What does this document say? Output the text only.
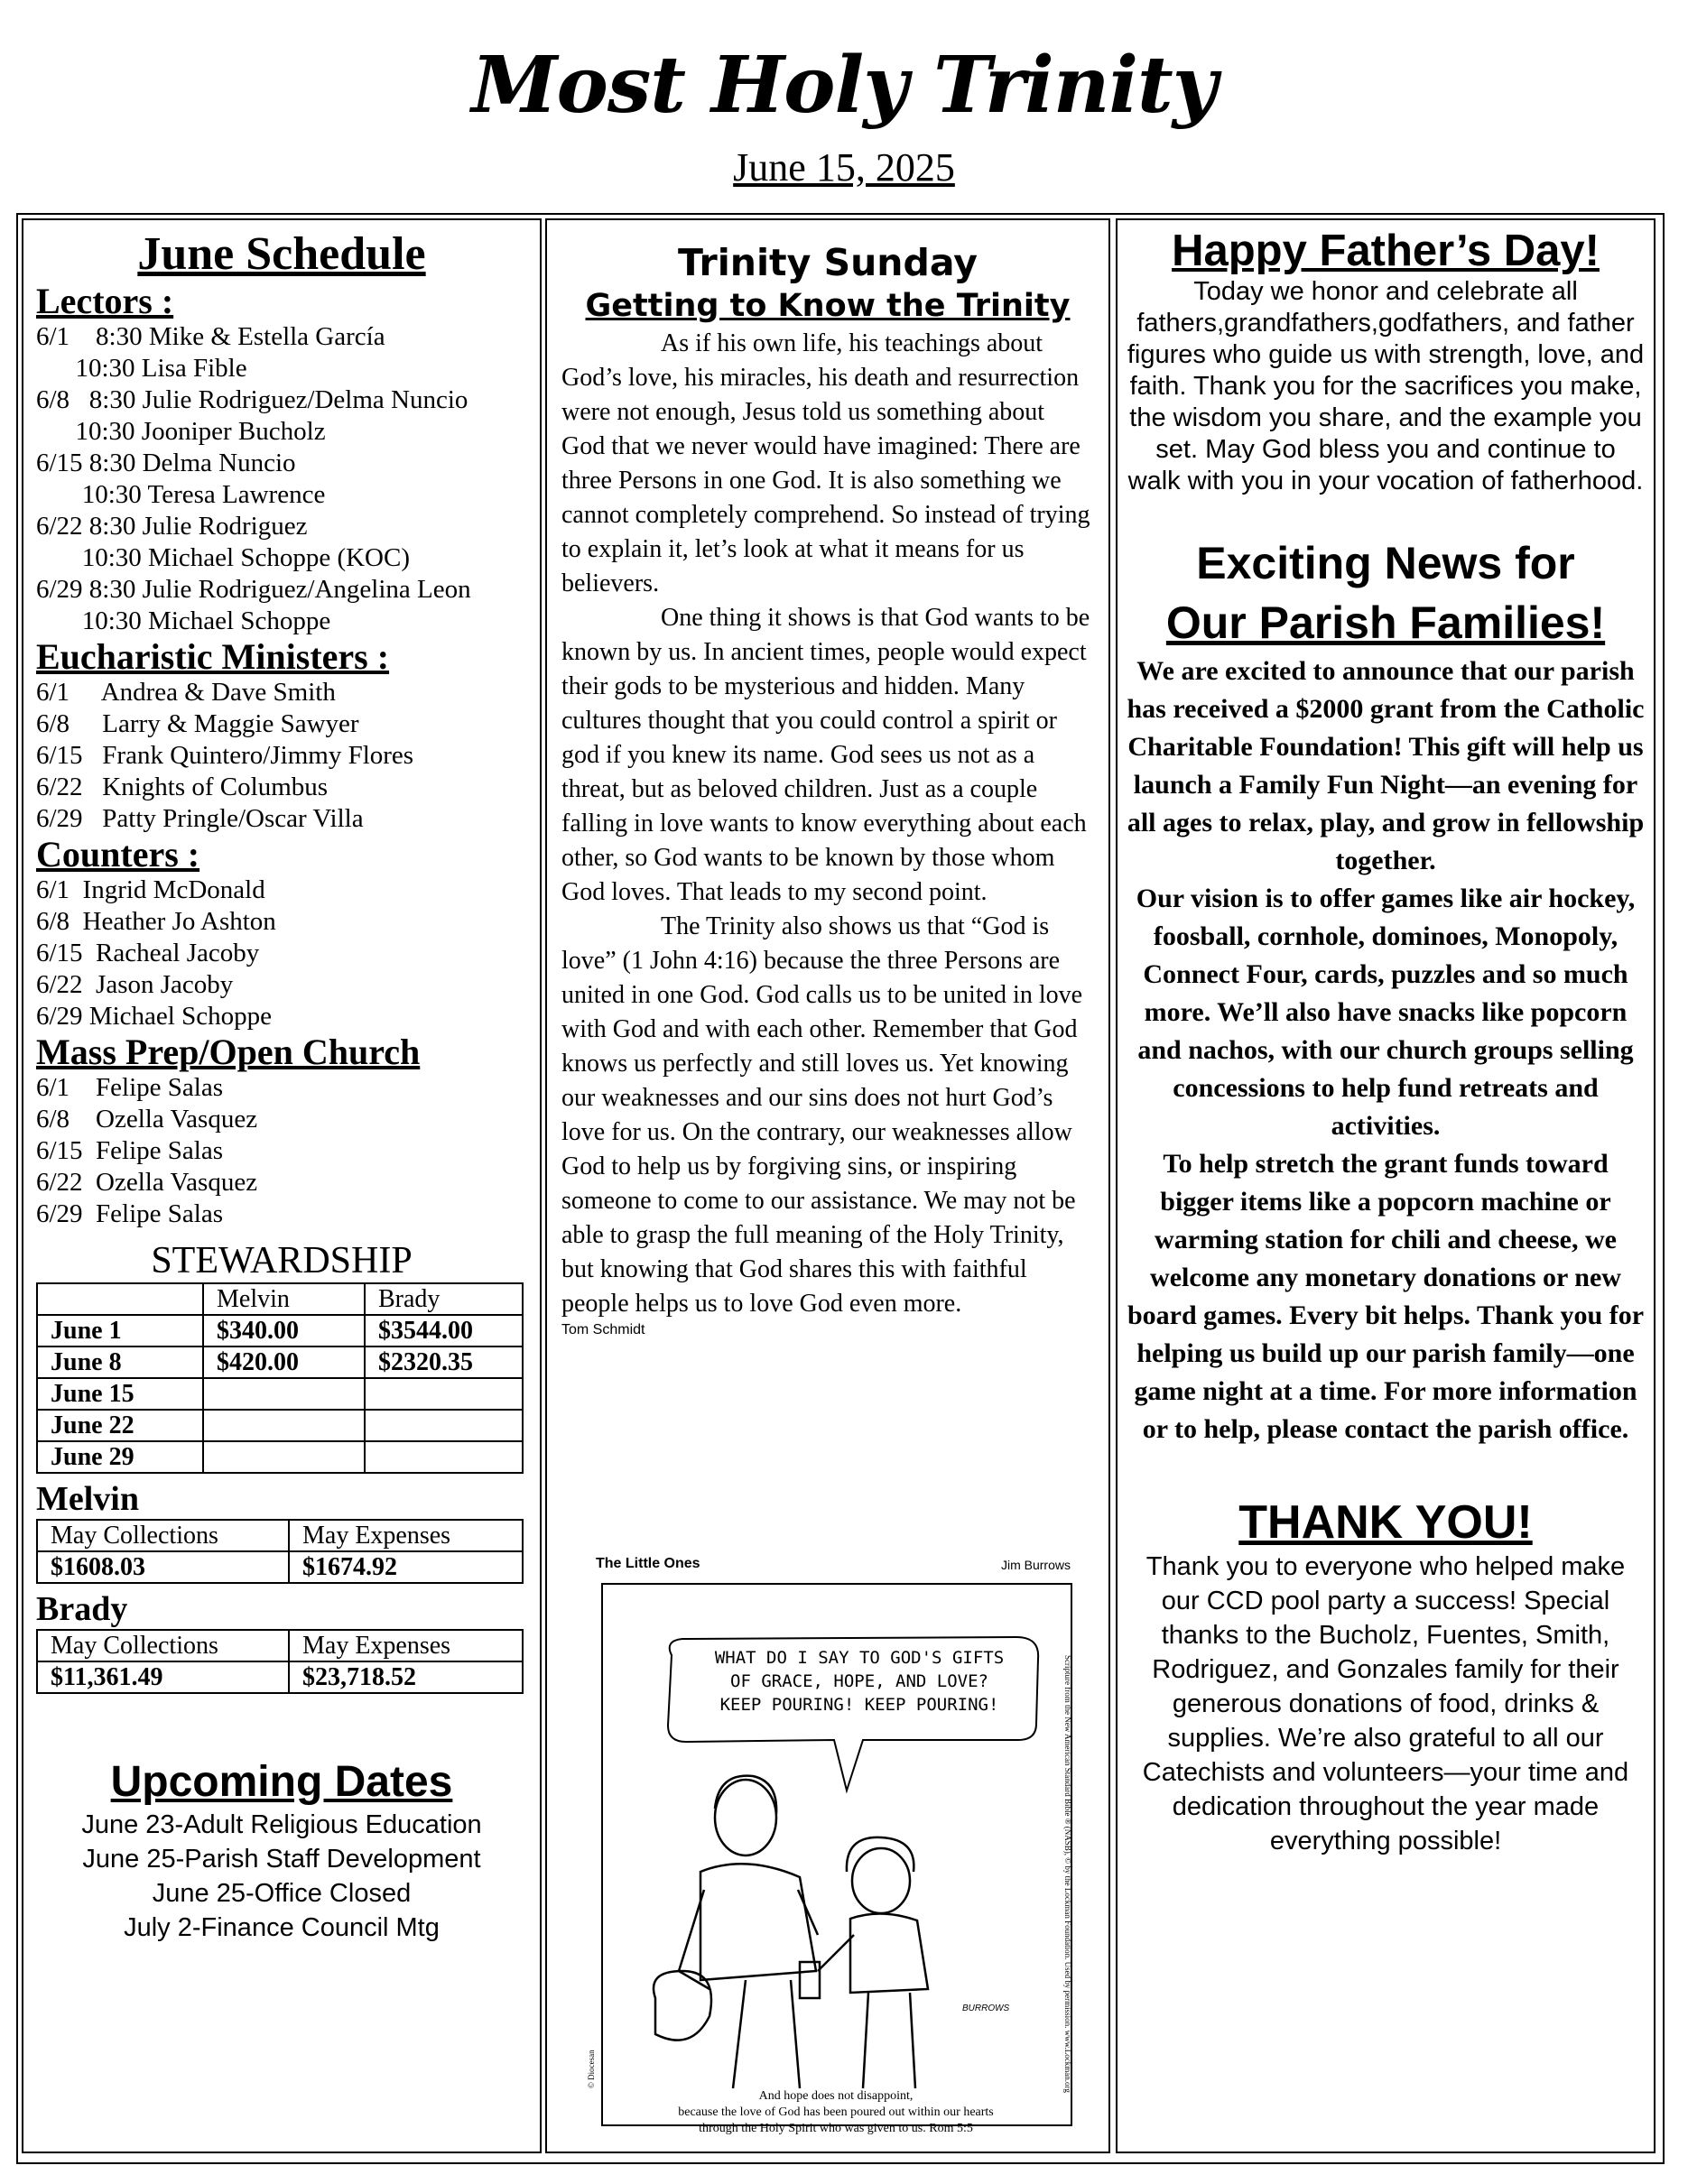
Most Holy Trinity
June 15, 2025
June Schedule
Lectors :
6/1    8:30 Mike & Estella García
10:30 Lisa Fible
6/8   8:30 Julie Rodriguez/Delma Nuncio
10:30 Jooniper Bucholz
6/15 8:30 Delma Nuncio
10:30 Teresa Lawrence
6/22 8:30 Julie Rodriguez
10:30 Michael Schoppe (KOC)
6/29 8:30 Julie Rodriguez/Angelina Leon
10:30 Michael Schoppe
Eucharistic Ministers :
6/1     Andrea & Dave Smith
6/8     Larry & Maggie Sawyer
6/15   Frank Quintero/Jimmy Flores
6/22   Knights of Columbus
6/29   Patty Pringle/Oscar Villa
Counters :
6/1  Ingrid McDonald
6/8  Heather Jo Ashton
6/15  Racheal Jacoby
6/22  Jason Jacoby
6/29 Michael Schoppe
Mass Prep/Open Church
6/1    Felipe Salas
6/8    Ozella Vasquez
6/15  Felipe Salas
6/22  Ozella Vasquez
6/29  Felipe Salas
STEWARDSHIP
	Melvin	Brady
June 1	$340.00	$3544.00
June 8	$420.00	$2320.35
June 15		
June 22		
June 29		
Melvin
May Collections	May Expenses
$1608.03	$1674.92
Brady
May Collections	May Expenses
$11,361.49	$23,718.52
Upcoming Dates
June 23-Adult Religious Education
June 25-Parish Staff Development
June 25-Office Closed
July 2-Finance Council Mtg
Trinity Sunday
Getting to Know the Trinity

As if his own life, his teachings about God’s love, his miracles, his death and resurrection were not enough, Jesus told us something about God that we never would have imagined: There are three Persons in one God. It is also something we cannot completely comprehend. So instead of trying to explain it, let’s look at what it means for us believers.

One thing it shows is that God wants to be known by us. In ancient times, people would expect their gods to be mysterious and hidden. Many cultures thought that you could control a spirit or god if you knew its name. God sees us not as a threat, but as beloved children. Just as a couple falling in love wants to know everything about each other, so God wants to be known by those whom God loves. That leads to my second point.

The Trinity also shows us that “God is love” (1 John 4:16) because the three Persons are united in one God. God calls us to be united in love with God and with each other. Remember that God knows us perfectly and still loves us. Yet knowing our weaknesses and our sins does not hurt God’s love for us. On the contrary, our weaknesses allow God to help us by forgiving sins, or inspiring someone to come to our assistance. We may not be able to grasp the full meaning of the Holy Trinity, but knowing that God shares this with faithful people helps us to love God even more.

Tom Schmidt
The Little Ones	Jim Burrows
WHAT DO I SAY TO GOD'S GIFTS
OF GRACE, HOPE, AND LOVE?
KEEP POURING! KEEP POURING!
BURROWS
And hope does not disappoint,
because the love of God has been poured out within our hearts
through the Holy Spirit who was given to us. Rom 5:5
© Diocesan	Scripture from the New American Standard Bible ® (NASB), © by the Lockman Foundation. Used by permission. www.Lockman.org
Happy Father’s Day!
Today we honor and celebrate all fathers,grandfathers,godfathers, and father figures who guide us with strength, love, and faith. Thank you for the sacrifices you make, the wisdom you share, and the example you set. May God bless you and continue to walk with you in your vocation of fatherhood.
Exciting News for
Our Parish Families!
We are excited to announce that our parish has received a $2000 grant from the Catholic Charitable Foundation! This gift will help us launch a Family Fun Night—an evening for all ages to relax, play, and grow in fellowship together.
Our vision is to offer games like air hockey, foosball, cornhole, dominoes, Monopoly, Connect Four, cards, puzzles and so much more. We’ll also have snacks like popcorn and nachos, with our church groups selling concessions to help fund retreats and activities.
To help stretch the grant funds toward bigger items like a popcorn machine or warming station for chili and cheese, we welcome any monetary donations or new board games. Every bit helps. Thank you for helping us build up our parish family—one game night at a time. For more information or to help, please contact the parish office.
THANK YOU!
Thank you to everyone who helped make our CCD pool party a success! Special thanks to the Bucholz, Fuentes, Smith, Rodriguez, and Gonzales family for their generous donations of food, drinks & supplies. We’re also grateful to all our Catechists and volunteers—your time and dedication throughout the year made everything possible!
